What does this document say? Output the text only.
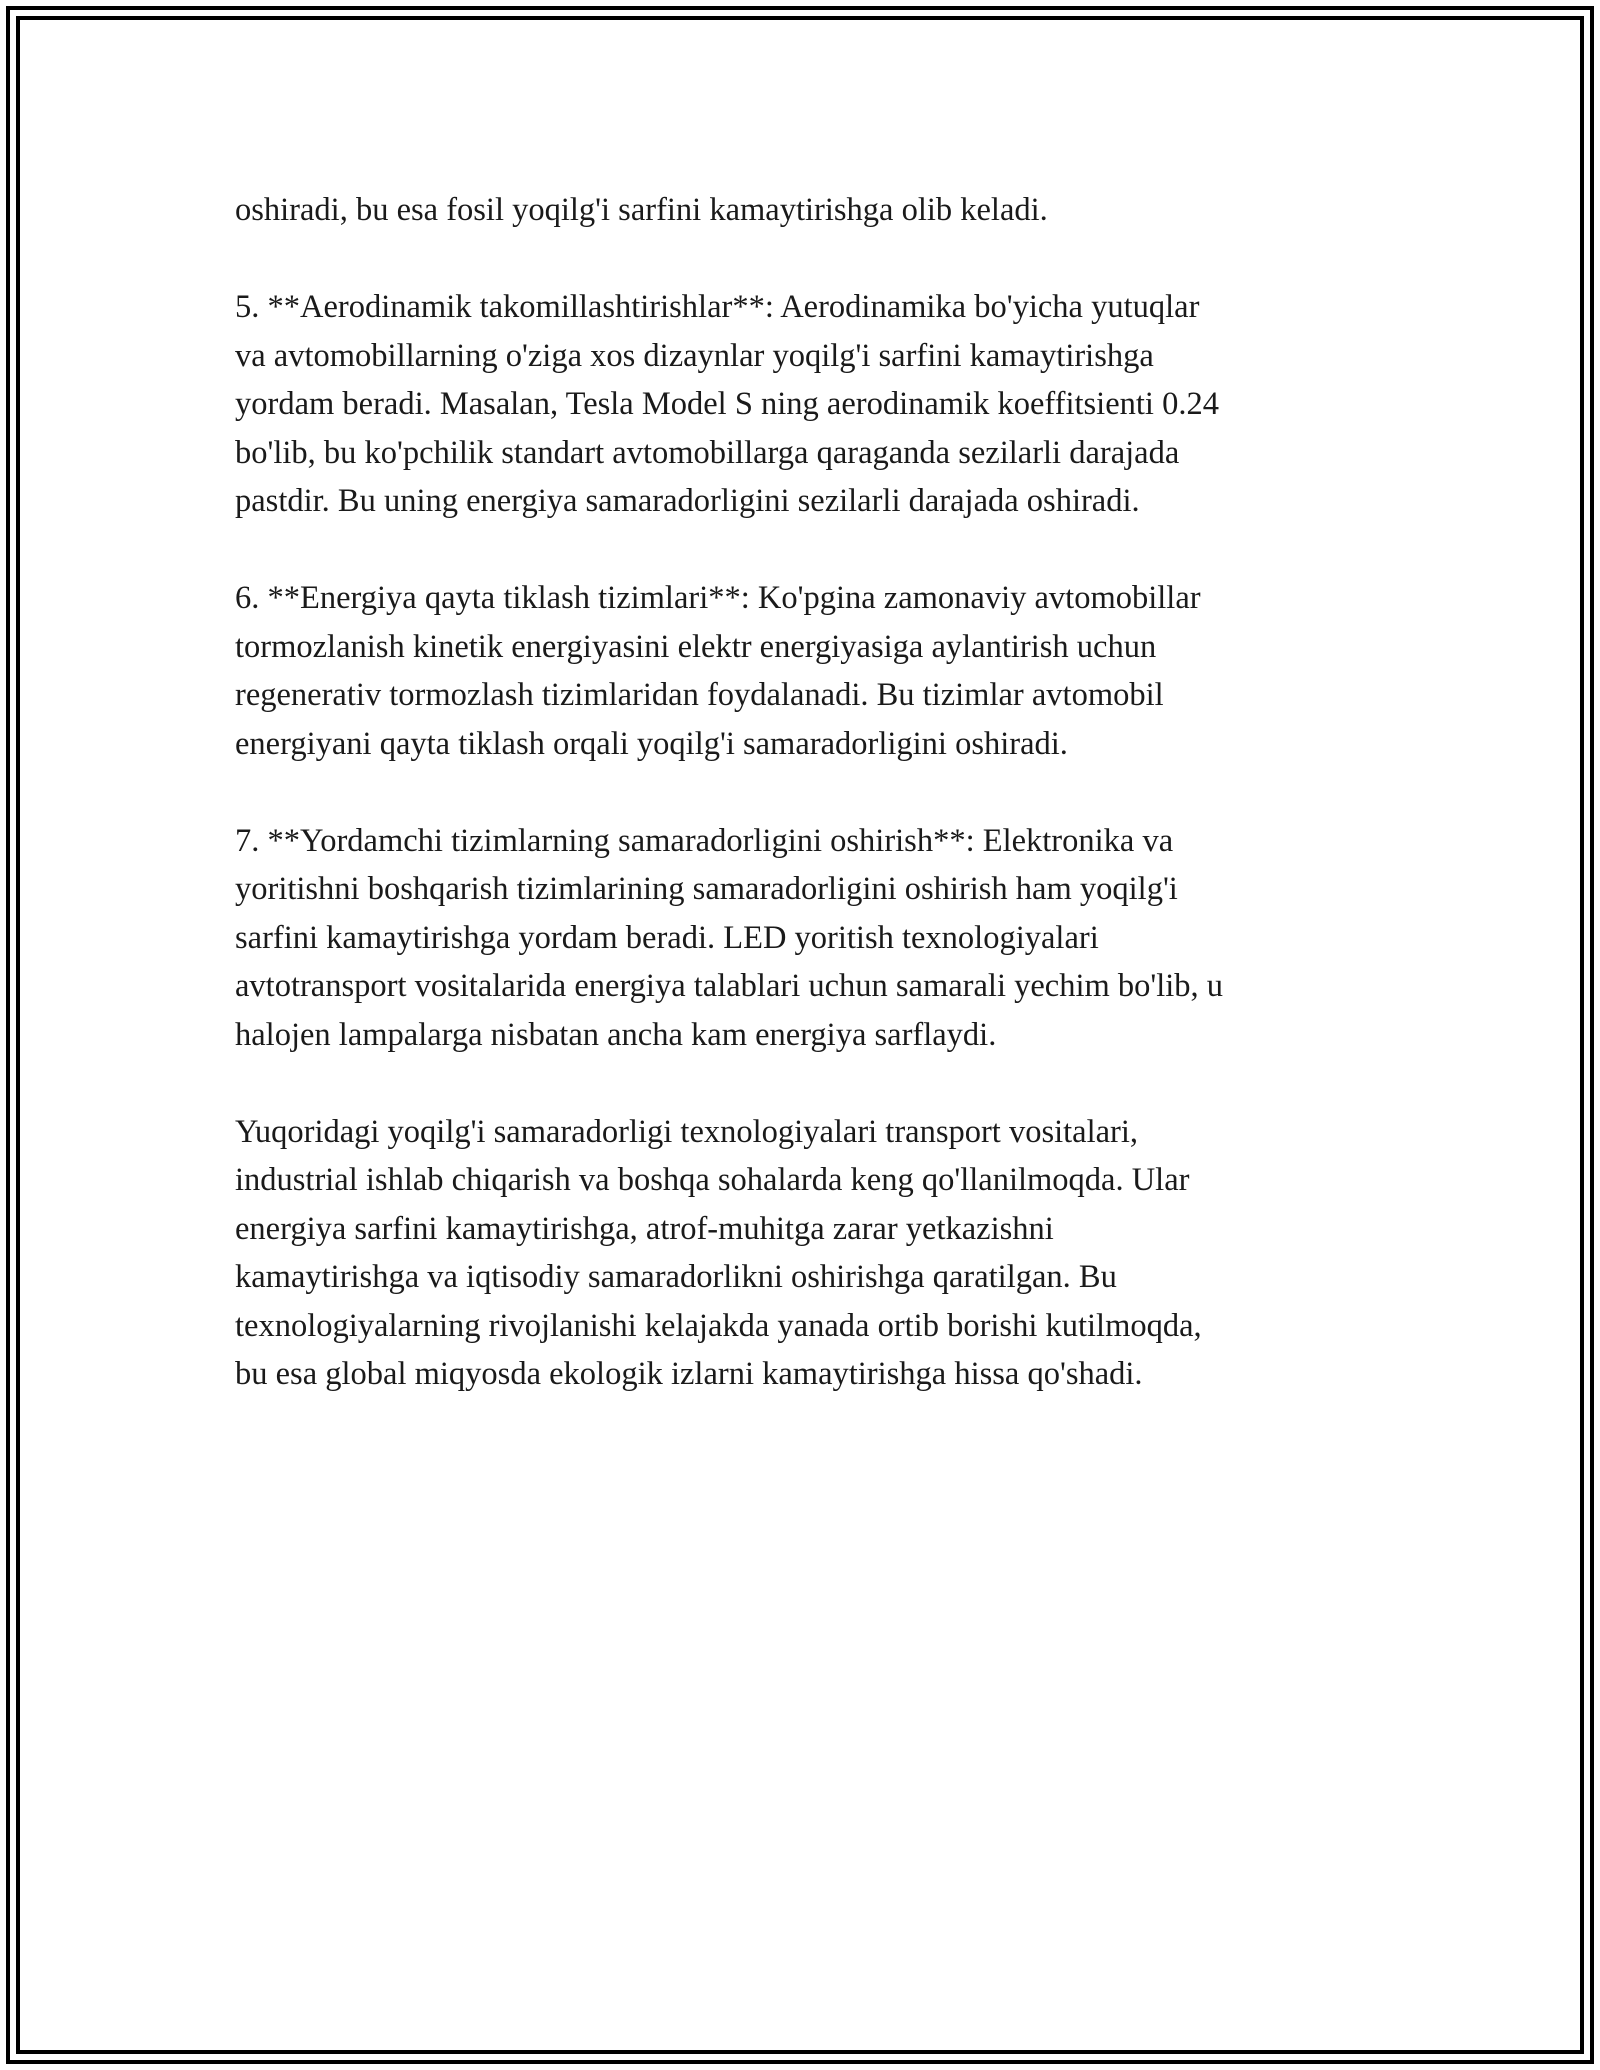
oshiradi, bu esa fosil yoqilg'i sarfini kamaytirishga olib keladi.
5. **Aerodinamik takomillashtirishlar**: Aerodinamika bo'yicha yutuqlar
va avtomobillarning o'ziga xos dizaynlar yoqilg'i sarfini kamaytirishga
yordam beradi. Masalan, Tesla Model S ning aerodinamik koeffitsienti 0.24
bo'lib, bu ko'pchilik standart avtomobillarga qaraganda sezilarli darajada
pastdir. Bu uning energiya samaradorligini sezilarli darajada oshiradi.
6. **Energiya qayta tiklash tizimlari**: Ko'pgina zamonaviy avtomobillar
tormozlanish kinetik energiyasini elektr energiyasiga aylantirish uchun
regenerativ tormozlash tizimlaridan foydalanadi. Bu tizimlar avtomobil
energiyani qayta tiklash orqali yoqilg'i samaradorligini oshiradi.
7. **Yordamchi tizimlarning samaradorligini oshirish**: Elektronika va
yoritishni boshqarish tizimlarining samaradorligini oshirish ham yoqilg'i
sarfini kamaytirishga yordam beradi. LED yoritish texnologiyalari
avtotransport vositalarida energiya talablari uchun samarali yechim bo'lib, u
halojen lampalarga nisbatan ancha kam energiya sarflaydi.
Yuqoridagi yoqilg'i samaradorligi texnologiyalari transport vositalari,
industrial ishlab chiqarish va boshqa sohalarda keng qo'llanilmoqda. Ular
energiya sarfini kamaytirishga, atrof-muhitga zarar yetkazishni
kamaytirishga va iqtisodiy samaradorlikni oshirishga qaratilgan. Bu
texnologiyalarning rivojlanishi kelajakda yanada ortib borishi kutilmoqda,
bu esa global miqyosda ekologik izlarni kamaytirishga hissa qo'shadi.
